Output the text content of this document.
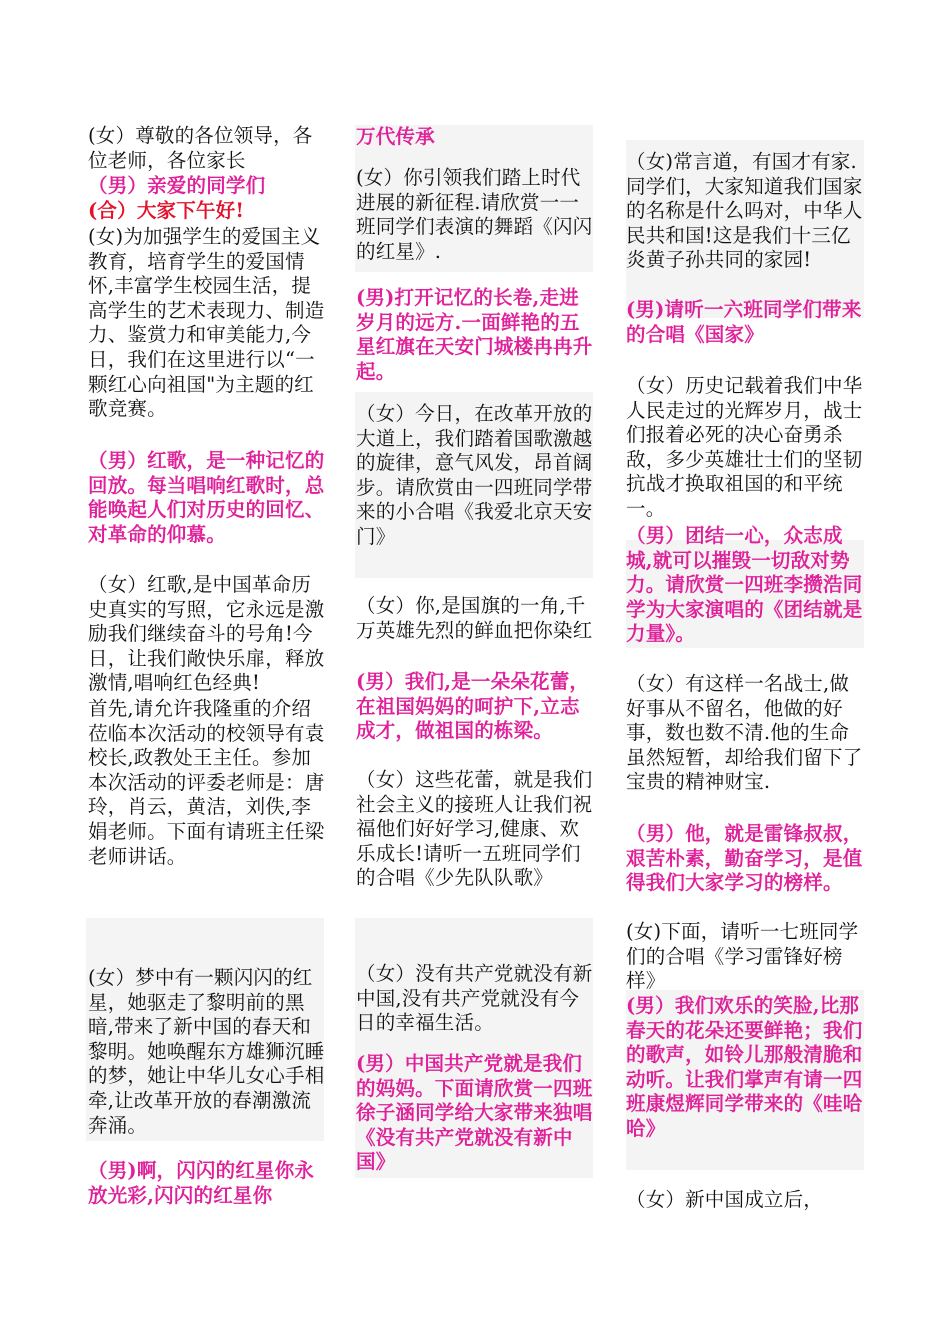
(女）尊敬的各位领导，各位老师，各位家长

（男）亲爱的同学们

(合）大家下午好!

(女)为加强学生的爱国主义教育，培育学生的爱国情怀,丰富学生校园生活，提高学生的艺术表现力、制造力、鉴赏力和审美能力,今日，我们在这里进行以“一颗红心向祖国"为主题的红歌竞赛。

（男）红歌，是一种记忆的回放。每当唱响红歌时，总能唤起人们对历史的回忆、对革命的仰慕。

（女）红歌,是中国革命历史真实的写照，它永远是激励我们继续奋斗的号角!今日，让我们敞快乐扉，释放激情,唱响红色经典!

首先,请允许我隆重的介绍莅临本次活动的校领导有袁校长,政教处王主任。参加本次活动的评委老师是：唐玲，肖云，黄洁，刘佚,李娟老师。下面有请班主任梁老师讲话。

(女）梦中有一颗闪闪的红星，她驱走了黎明前的黑暗,带来了新中国的春天和黎明。她唤醒东方雄狮沉睡的梦，她让中华儿女心手相牵,让改革开放的春潮激流奔涌。

（男)啊，闪闪的红星你永放光彩,闪闪的红星你

万代传承

(女）你引领我们踏上时代进展的新征程.请欣赏一一班同学们表演的舞蹈《闪闪的红星》.

(男)打开记忆的长卷,走进岁月的远方.一面鲜艳的五星红旗在天安门城楼冉冉升起。

（女）今日，在改革开放的大道上，我们踏着国歌激越的旋律，意气风发，昂首阔步。请欣赏由一四班同学带来的小合唱《我爱北京天安门》

（女）你,是国旗的一角,千万英雄先烈的鲜血把你染红

(男）我们,是一朵朵花蕾，在祖国妈妈的呵护下,立志成才，做祖国的栋梁。

（女）这些花蕾，就是我们社会主义的接班人让我们祝福他们好好学习,健康、欢乐成长!请听一五班同学们的合唱《少先队队歌》

（女）没有共产党就没有新中国,没有共产党就没有今日的幸福生活。

(男）中国共产党就是我们的妈妈。下面请欣赏一四班徐子涵同学给大家带来独唱《没有共产党就没有新中国》

（女)常言道，有国才有家.同学们，大家知道我们国家的名称是什么吗对，中华人民共和国!这是我们十三亿炎黄子孙共同的家园!

(男)请听一六班同学们带来的合唱《国家》

（女）历史记载着我们中华人民走过的光辉岁月，战士们报着必死的决心奋勇杀敌，多少英雄壮士们的坚韧抗战才换取祖国的和平统一。

（男）团结一心，众志成城,就可以摧毁一切敌对势力。请欣赏一四班李攒浩同学为大家演唱的《团结就是力量》。

（女）有这样一名战士,做好事从不留名，他做的好事，数也数不清.他的生命虽然短暂，却给我们留下了宝贵的精神财宝.

（男）他，就是雷锋叔叔，艰苦朴素，勤奋学习，是值得我们大家学习的榜样。

(女)下面，请听一七班同学们的合唱《学习雷锋好榜样》

(男）我们欢乐的笑脸,比那春天的花朵还要鲜艳；我们的歌声，如铃儿那般清脆和动听。让我们掌声有请一四班康煜辉同学带来的《哇哈哈》

（女）新中国成立后，
